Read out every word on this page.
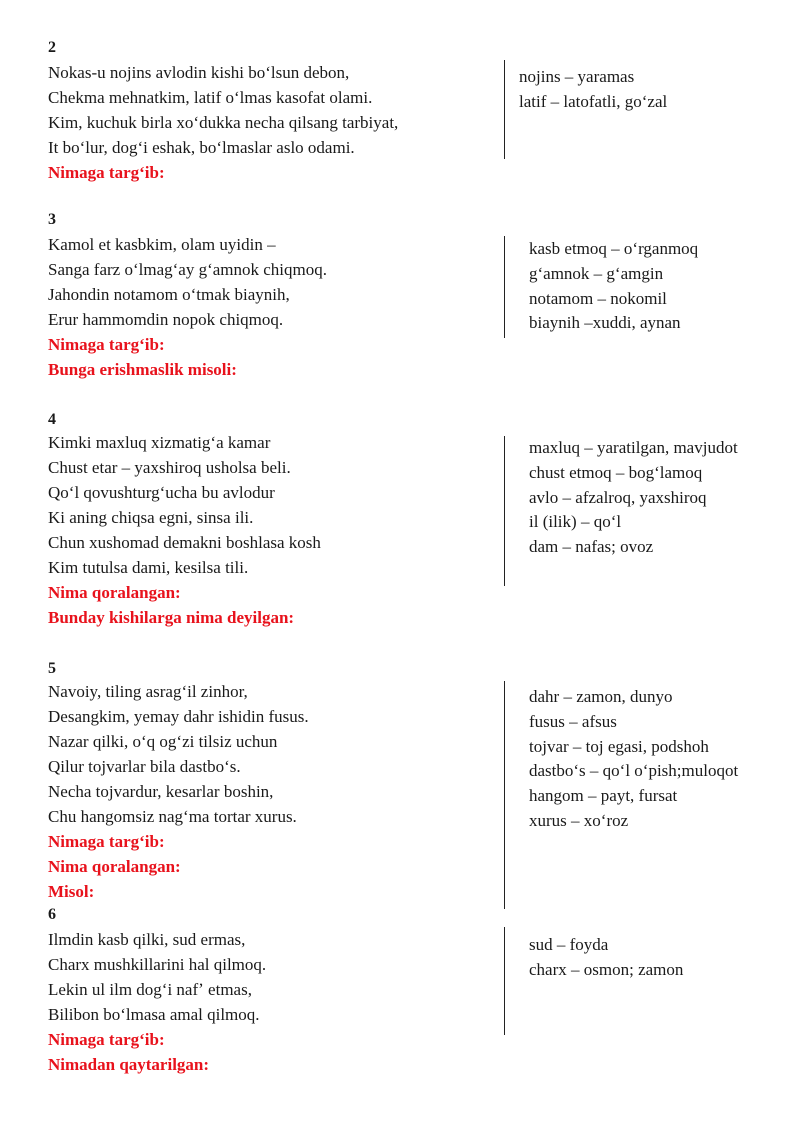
2
Nokas-u nojins avlodin kishi boʻlsun debon,
Chekma mehnatkim, latif oʻlmas kasofat olami.
Kim, kuchuk birla xoʻdukka necha qilsang tarbiyat,
It boʻlur, dogʻi eshak, boʻlmaslar aslo odami.
Nimaga targʻib:
nojins – yaramas
latif – latofatli, goʻzal
3
Kamol et kasbkim, olam uyidin –
Sanga farz oʻlmagʻay gʻamnok chiqmoq.
Jahondin notamom oʻtmak biaynih,
Erur hammomdin nopok chiqmoq.
Nimaga targʻib:
Bunga erishmaslik misoli:
kasb etmoq – oʻrganmoq
gʻamnok – gʻamgin
notamom – nokomil
biaynih –xuddi, aynan
4
Kimki maxluq xizmatigʻa kamar
Chust etar – yaxshiroq usholsa beli.
Qoʻl qovushturgʻucha bu avlodur
Ki aning chiqsa egni, sinsa ili.
Chun xushomad demakni boshlasa kosh
Kim tutulsa dami, kesilsa tili.
Nima qoralangan:
Bunday kishilarga nima deyilgan:
maxluq – yaratilgan, mavjudot
chust etmoq – bogʻlamoq
avlo – afzalroq, yaxshiroq
il (ilik) – qoʻl
dam – nafas; ovoz
5
Navoiy, tiling asragʻil zinhor,
Desangkim, yemay dahr ishidin fusus.
Nazar qilki, oʻq ogʻzi tilsiz uchun
Qilur tojvarlar bila dastboʻs.
Necha tojvardur, kesarlar boshin,
Chu hangomsiz nagʻma tortar xurus.
Nimaga targʻib:
Nima qoralangan:
Misol:
dahr – zamon, dunyo
fusus – afsus
tojvar – toj egasi, podshoh
dastboʻs – qoʻl oʻpish;muloqot
hangom – payt, fursat
xurus – xoʻroz
6
Ilmdin kasb qilki, sud ermas,
Charx mushkillarini hal qilmoq.
Lekin ul ilm dogʻi nafʼ etmas,
Bilibon boʻlmasa amal qilmoq.
Nimaga targʻib:
Nimadan qaytarilgan:
sud – foyda
charx – osmon; zamon
